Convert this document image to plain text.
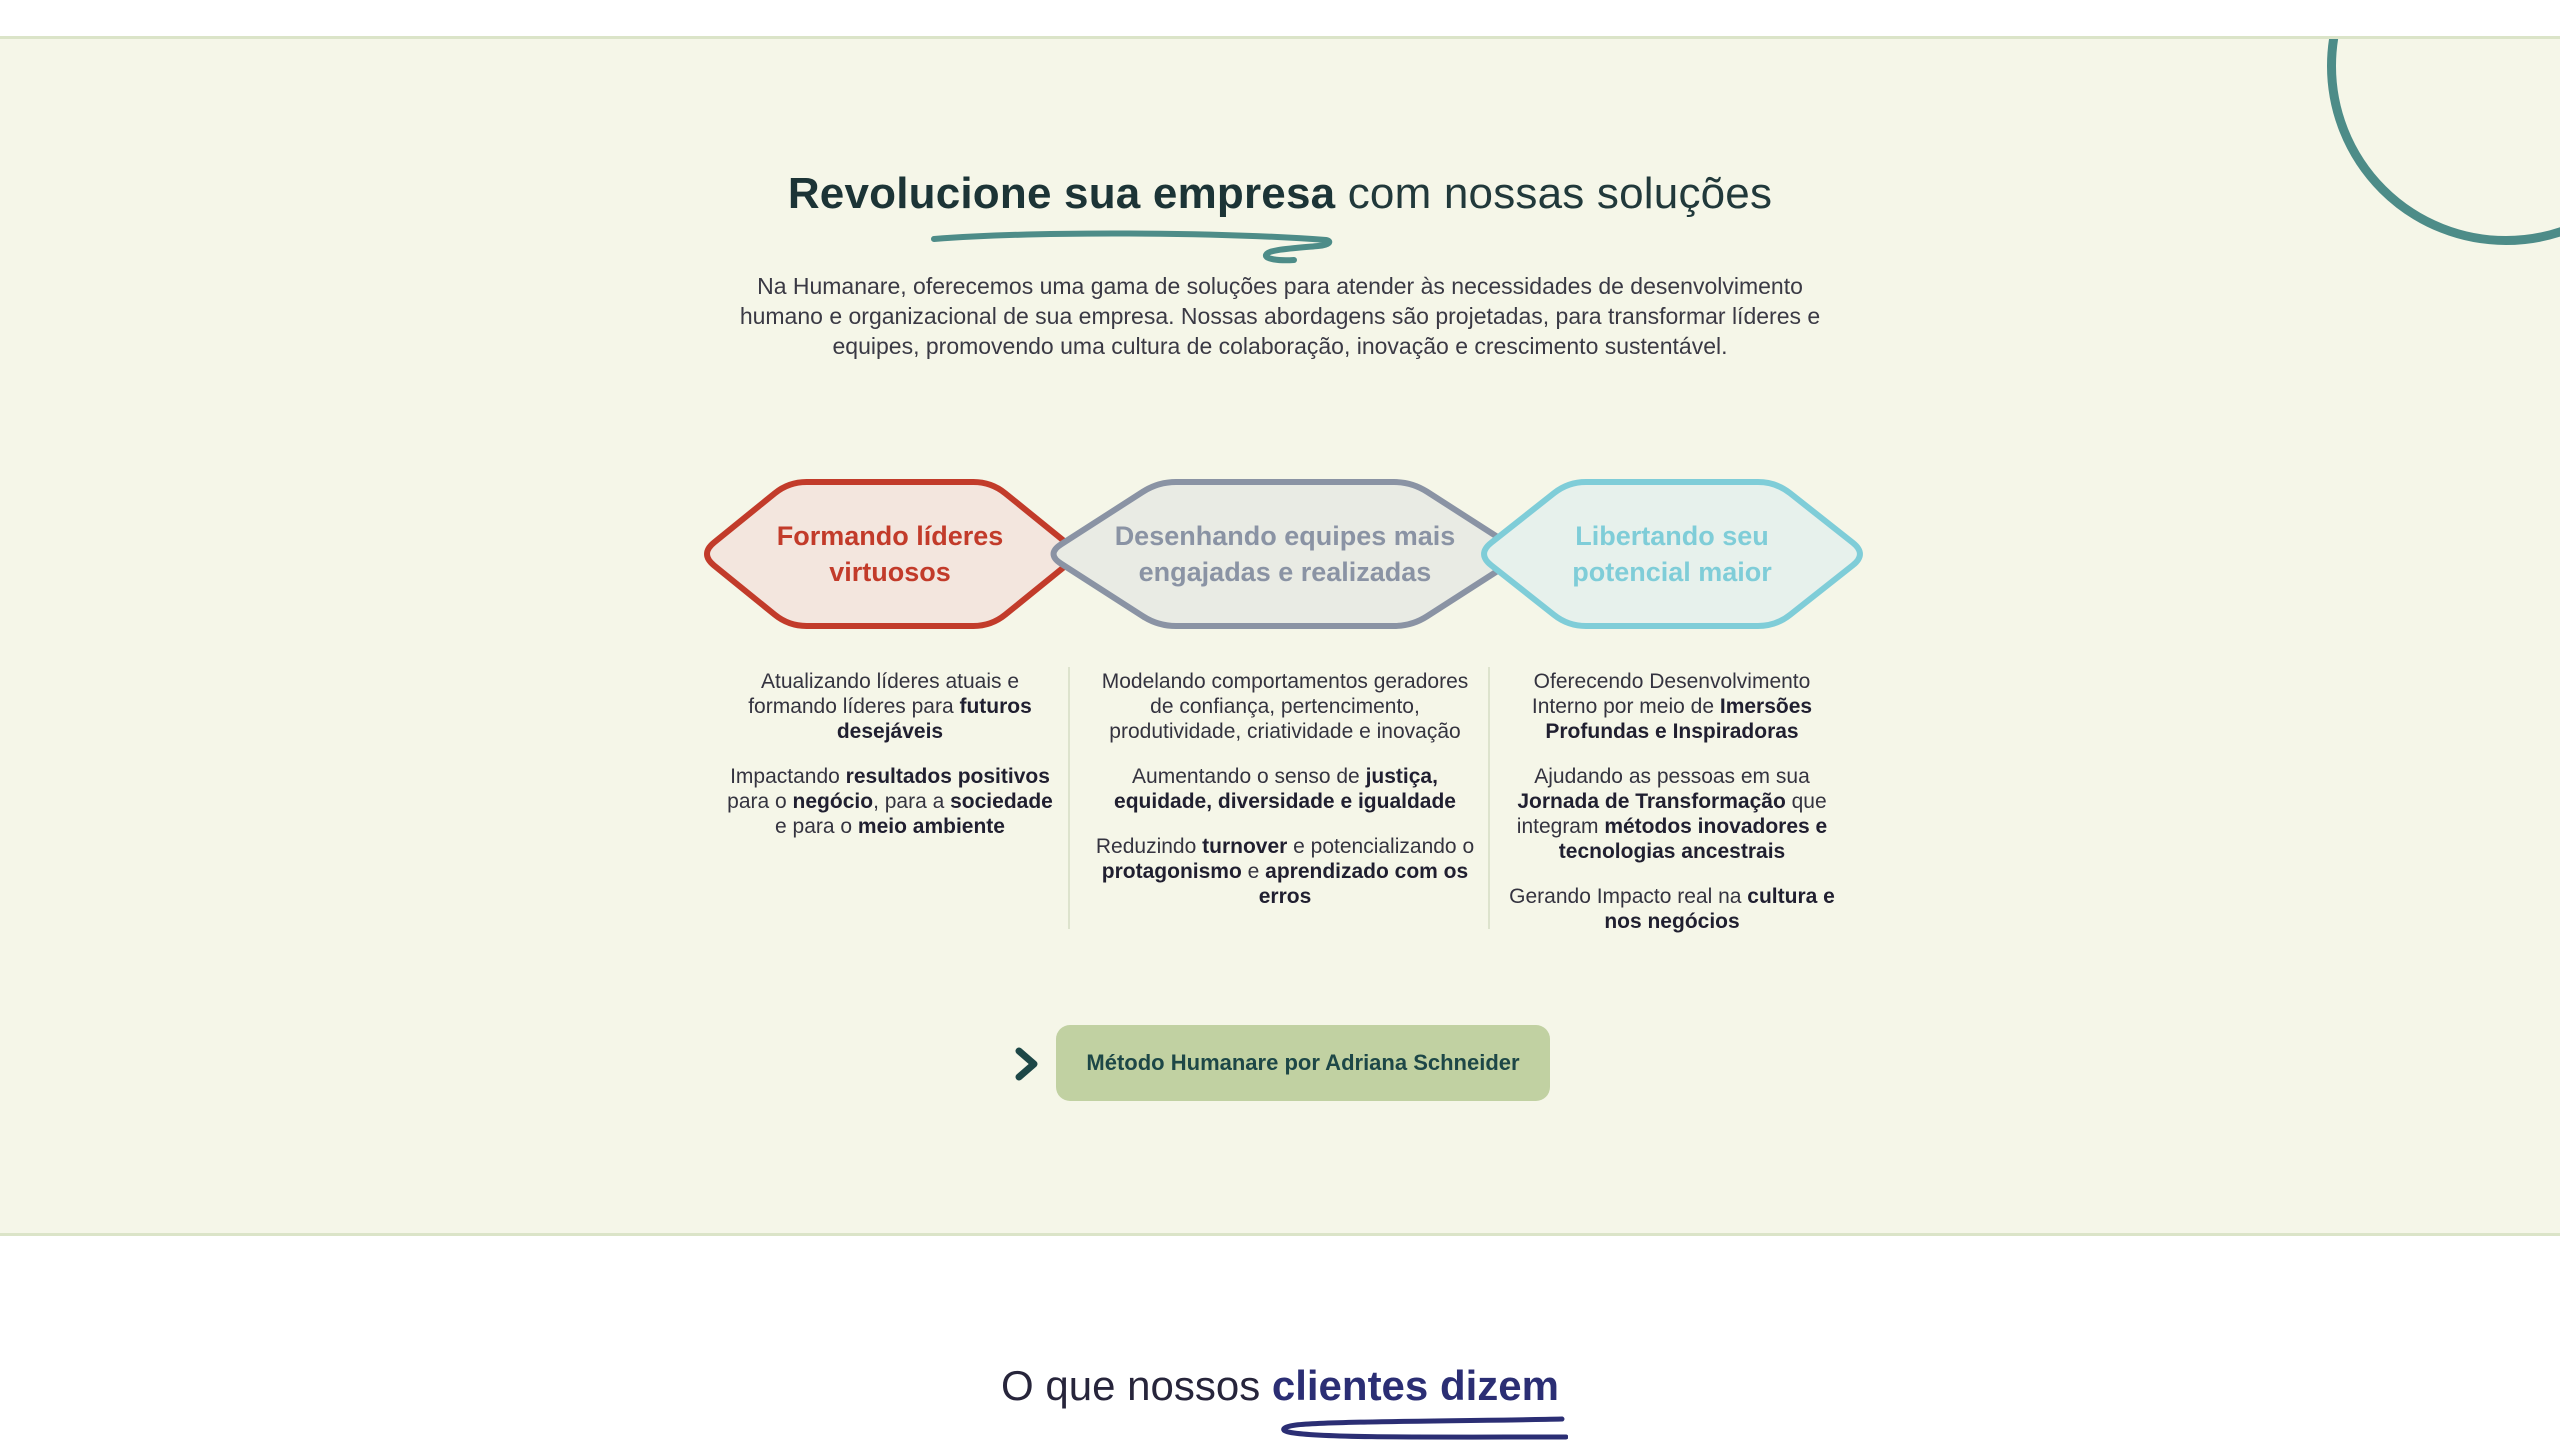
Revolucione sua empresa com nossas soluções

Na Humanare, oferecemos uma gama de soluções para atender às necessidades de desenvolvimento humano e organizacional de sua empresa. Nossas abordagens são projetadas, para transformar líderes e equipes, promovendo uma cultura de colaboração, inovação e crescimento sustentável.

Formando líderes virtuosos
Desenhando equipes mais engajadas e realizadas
Libertando seu potencial maior

Atualizando líderes atuais e formando líderes para futuros desejáveis

Impactando resultados positivos para o negócio, para a sociedade e para o meio ambiente

Modelando comportamentos geradores de confiança, pertencimento, produtividade, criatividade e inovação

Aumentando o senso de justiça, equidade, diversidade e igualdade

Reduzindo turnover e potencializando o protagonismo e aprendizado com os erros

Oferecendo Desenvolvimento Interno por meio de Imersões Profundas e Inspiradoras

Ajudando as pessoas em sua Jornada de Transformação que integram métodos inovadores e tecnologias ancestrais

Gerando Impacto real na cultura e nos negócios

Método Humanare por Adriana Schneider
O que nossos clientes dizem
